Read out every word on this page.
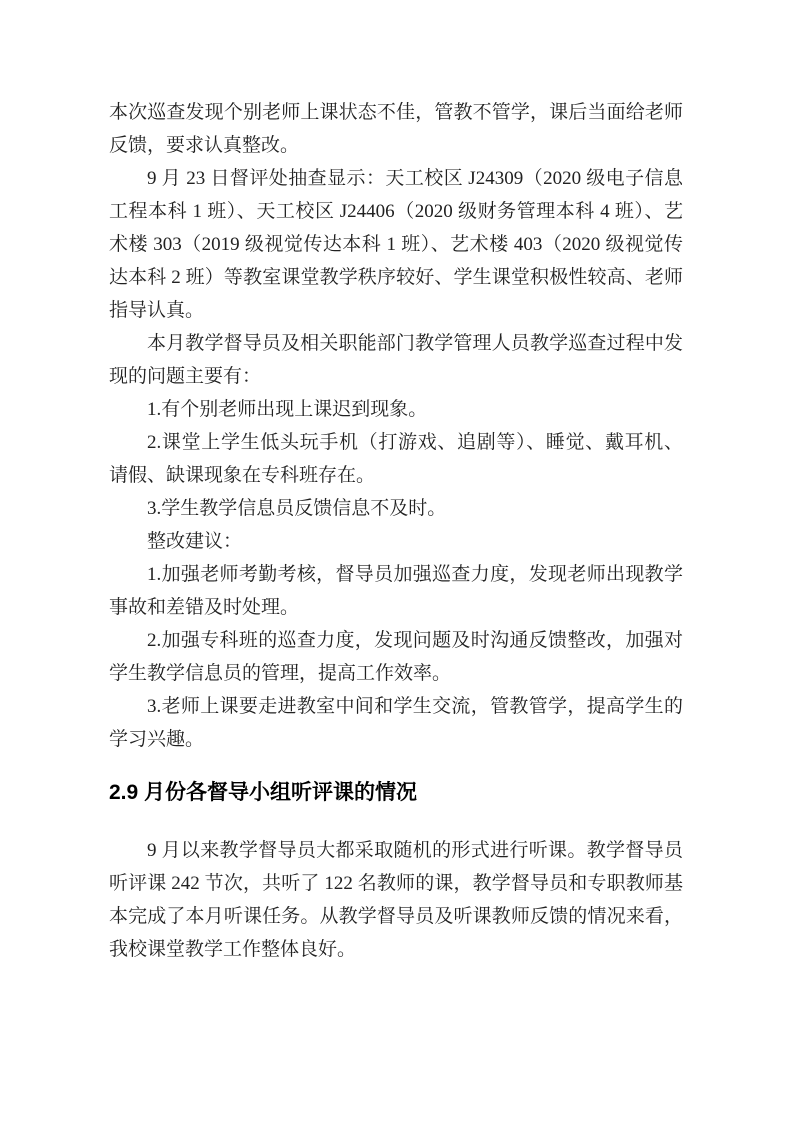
本次巡查发现个别老师上课状态不佳，管教不管学，课后当面给老师反馈，要求认真整改。

9 月 23 日督评处抽查显示：天工校区 J24309（2020 级电子信息工程本科 1 班）、天工校区 J24406（2020 级财务管理本科 4 班）、艺术楼 303（2019 级视觉传达本科 1 班）、艺术楼 403（2020 级视觉传达本科 2 班）等教室课堂教学秩序较好、学生课堂积极性较高、老师指导认真。

本月教学督导员及相关职能部门教学管理人员教学巡查过程中发现的问题主要有：

1.有个别老师出现上课迟到现象。

2.课堂上学生低头玩手机（打游戏、追剧等）、睡觉、戴耳机、请假、缺课现象在专科班存在。

3.学生教学信息员反馈信息不及时。

整改建议：

1.加强老师考勤考核，督导员加强巡查力度，发现老师出现教学事故和差错及时处理。

2.加强专科班的巡查力度，发现问题及时沟通反馈整改，加强对学生教学信息员的管理，提高工作效率。

3.老师上课要走进教室中间和学生交流，管教管学，提高学生的学习兴趣。

2.9 月份各督导小组听评课的情况

9 月以来教学督导员大都采取随机的形式进行听课。教学督导员听评课 242 节次，共听了 122 名教师的课，教学督导员和专职教师基本完成了本月听课任务。从教学督导员及听课教师反馈的情况来看，我校课堂教学工作整体良好。
